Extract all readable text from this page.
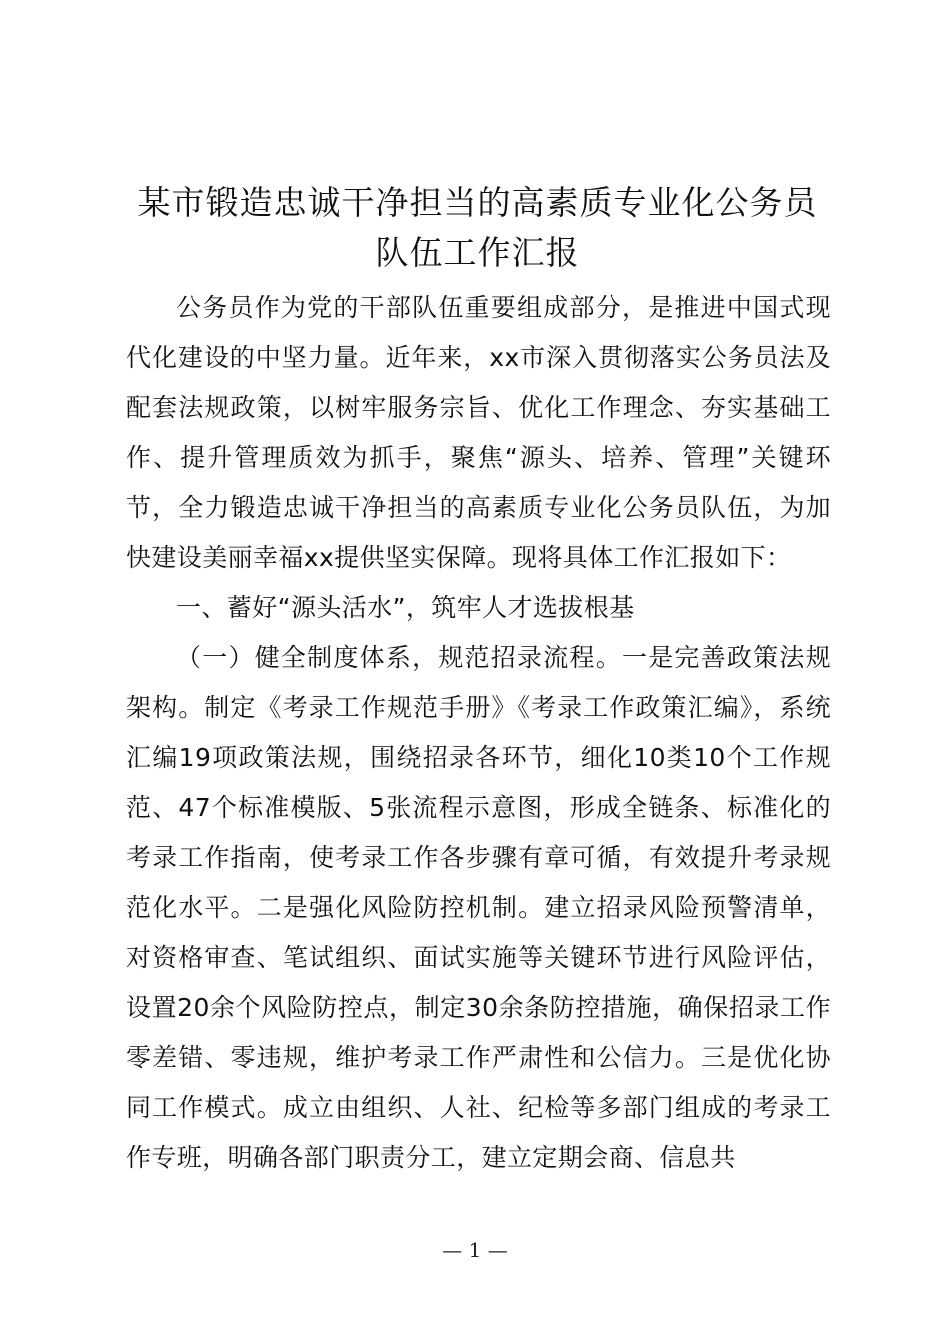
某市锻造忠诚干净担当的高素质专业化公务员
队伍工作汇报

公务员作为党的干部队伍重要组成部分，是推进中国式现代化建设的中坚力量。近年来，xx市深入贯彻落实公务员法及配套法规政策，以树牢服务宗旨、优化工作理念、夯实基础工作、提升管理质效为抓手，聚焦“源头、培养、管理”关键环节，全力锻造忠诚干净担当的高素质专业化公务员队伍，为加快建设美丽幸福xx提供坚实保障。现将具体工作汇报如下：

一、蓄好“源头活水”，筑牢人才选拔根基

（一）健全制度体系，规范招录流程。一是完善政策法规架构。制定《考录工作规范手册》《考录工作政策汇编》，系统汇编19项政策法规，围绕招录各环节，细化10类10个工作规范、47个标准模版、5张流程示意图，形成全链条、标准化的考录工作指南，使考录工作各步骤有章可循，有效提升考录规范化水平。二是强化风险防控机制。建立招录风险预警清单，对资格审查、笔试组织、面试实施等关键环节进行风险评估，设置20余个风险防控点，制定30余条防控措施，确保招录工作零差错、零违规，维护考录工作严肃性和公信力。三是优化协同工作模式。成立由组织、人社、纪检等多部门组成的考录工作专班，明确各部门职责分工，建立定期会商、信息共

— 1 —
